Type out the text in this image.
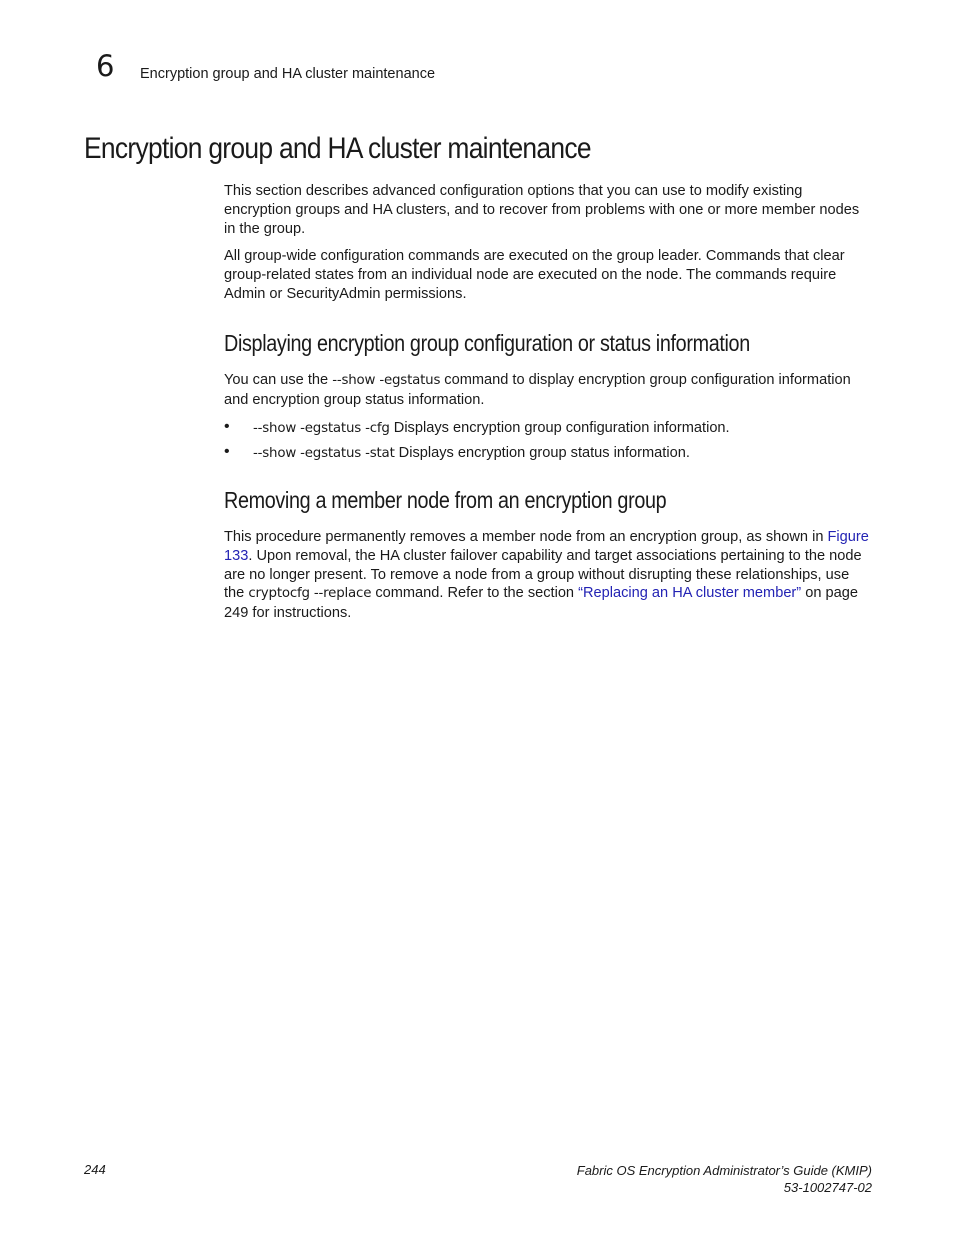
6 Encryption group and HA cluster maintenance
Encryption group and HA cluster maintenance

This section describes advanced configuration options that you can use to modify existing encryption groups and HA clusters, and to recover from problems with one or more member nodes in the group.

All group-wide configuration commands are executed on the group leader. Commands that clear group-related states from an individual node are executed on the node. The commands require Admin or SecurityAdmin permissions.

Displaying encryption group configuration or status information

You can use the --show -egstatus command to display encryption group configuration information and encryption group status information.

• --show -egstatus -cfg Displays encryption group configuration information.
• --show -egstatus -stat Displays encryption group status information.
Removing a member node from an encryption group

This procedure permanently removes a member node from an encryption group, as shown in Figure 133. Upon removal, the HA cluster failover capability and target associations pertaining to the node are no longer present. To remove a node from a group without disrupting these relationships, use the cryptocfg --replace command. Refer to the section “Replacing an HA cluster member” on page 249 for instructions.

244	Fabric OS Encryption Administrator’s Guide (KMIP)
53-1002747-02
